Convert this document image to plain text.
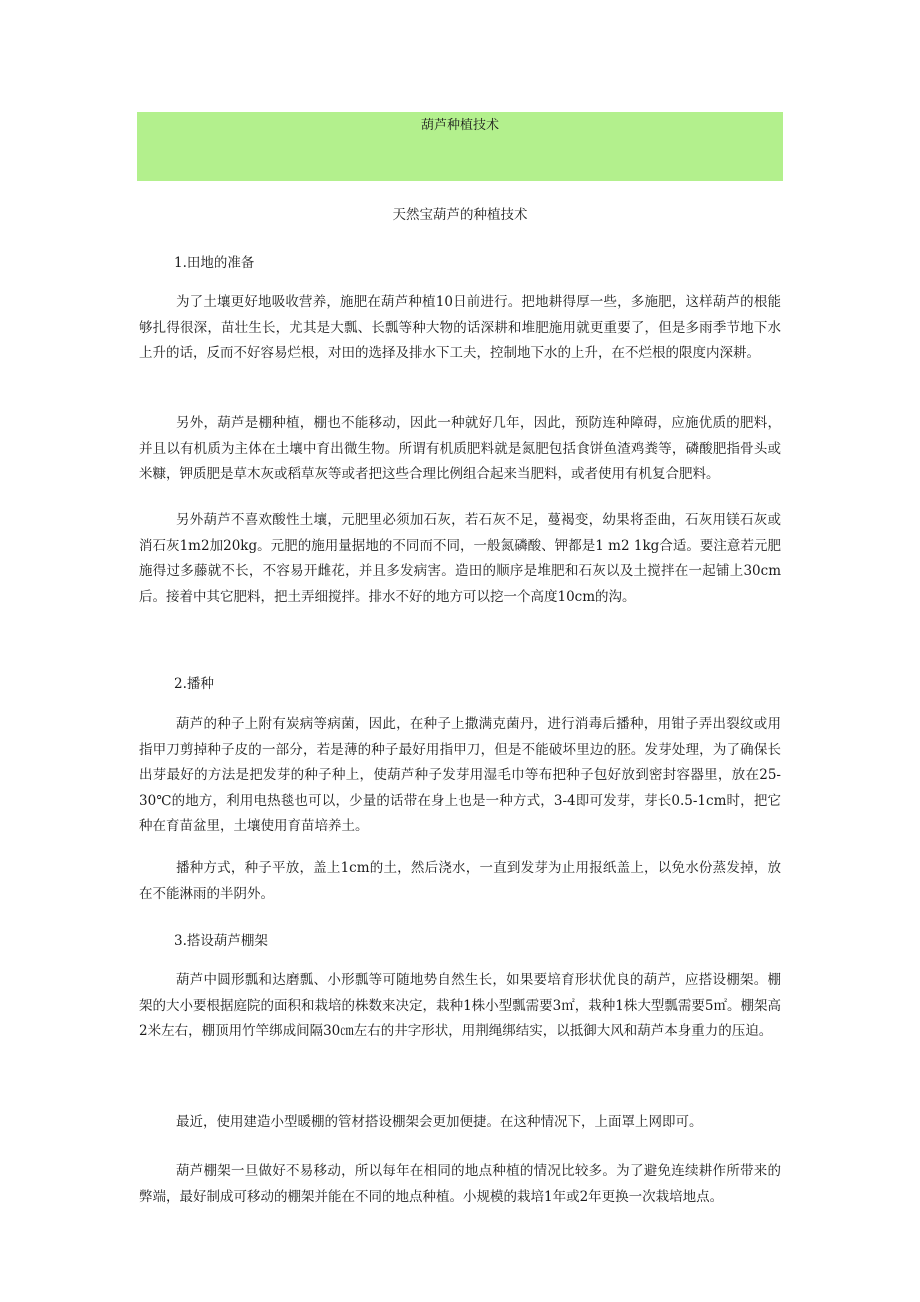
葫芦种植技术
天然宝葫芦的种植技术
1.田地的准备

为了土壤更好地吸收营养，施肥在葫芦种植10日前进行。把地耕得厚一些，多施肥，这样葫芦的根能够扎得很深，苗壮生长，尤其是大瓢、长瓢等种大物的话深耕和堆肥施用就更重要了，但是多雨季节地下水上升的话，反而不好容易烂根，对田的选择及排水下工夫，控制地下水的上升，在不烂根的限度内深耕。

另外，葫芦是棚种植，棚也不能移动，因此一种就好几年，因此，预防连种障碍，应施优质的肥料，并且以有机质为主体在土壤中育出微生物。所谓有机质肥料就是氮肥包括食饼鱼渣鸡粪等，磷酸肥指骨头或米糠，钾质肥是草木灰或稻草灰等或者把这些合理比例组合起来当肥料，或者使用有机复合肥料。

另外葫芦不喜欢酸性土壤，元肥里必须加石灰，若石灰不足，蔓褐变，幼果将歪曲，石灰用镁石灰或消石灰1m2加20kg。元肥的施用量据地的不同而不同，一般氮磷酸、钾都是1 m2 1kg合适。要注意若元肥施得过多藤就不长，不容易开雌花，并且多发病害。造田的顺序是堆肥和石灰以及土搅拌在一起铺上30cm后。接着中其它肥料，把土弄细搅拌。排水不好的地方可以挖一个高度10cm的沟。

2.播种

葫芦的种子上附有炭病等病菌，因此，在种子上撒满克菌丹，进行消毒后播种，用钳子弄出裂纹或用指甲刀剪掉种子皮的一部分，若是薄的种子最好用指甲刀，但是不能破坏里边的胚。发芽处理，为了确保长出芽最好的方法是把发芽的种子种上，使葫芦种子发芽用湿毛巾等布把种子包好放到密封容器里，放在25-30℃的地方，利用电热毯也可以，少量的话带在身上也是一种方式，3-4即可发芽，芽长0.5-1cm时，把它种在育苗盆里，土壤使用育苗培养土。

播种方式，种子平放，盖上1cm的土，然后浇水，一直到发芽为止用报纸盖上，以免水份蒸发掉，放在不能淋雨的半阴外。

3.搭设葫芦棚架

葫芦中圆形瓢和达磨瓢、小形瓢等可随地势自然生长，如果要培育形状优良的葫芦，应搭设棚架。棚架的大小要根据庭院的面积和栽培的株数来决定，栽种1株小型瓢需要3㎡，栽种1株大型瓢需要5㎡。棚架高2米左右，棚顶用竹竿绑成间隔30㎝左右的井字形状，用荆绳绑结实，以抵御大风和葫芦本身重力的压迫。

最近，使用建造小型暖棚的管材搭设棚架会更加便捷。在这种情况下，上面罩上网即可。

葫芦棚架一旦做好不易移动，所以每年在相同的地点种植的情况比较多。为了避免连续耕作所带来的弊端，最好制成可移动的棚架并能在不同的地点种植。小规模的栽培1年或2年更换一次栽培地点。
